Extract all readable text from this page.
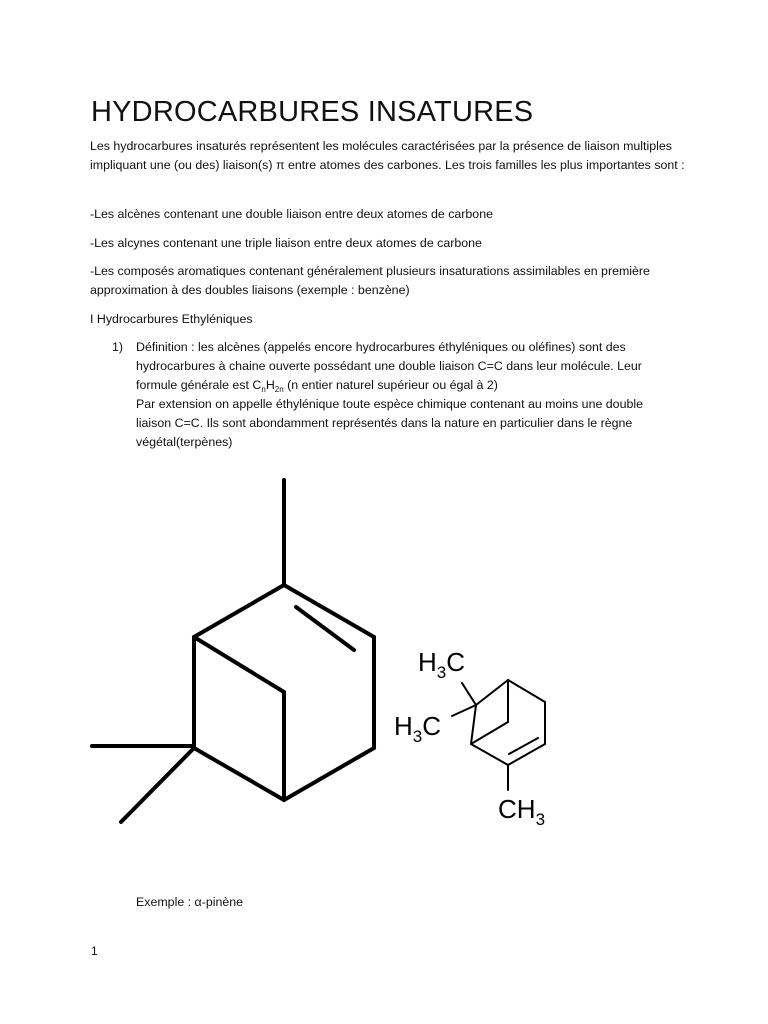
HYDROCARBURES INSATURES

Les hydrocarbures insaturés représentent les molécules caractérisées par la présence de liaison multiples impliquant une (ou des) liaison(s) π entre atomes des carbones. Les trois familles les plus importantes sont :

-Les alcènes contenant une double liaison entre deux atomes de carbone

-Les alcynes contenant une triple liaison entre deux atomes de carbone

-Les composés aromatiques contenant généralement plusieurs insaturations assimilables en première approximation à des doubles liaisons (exemple : benzène)

I Hydrocarbures Ethyléniques

1) Définition : les alcènes (appelés encore hydrocarbures éthyléniques ou oléfines) sont des hydrocarbures à chaine ouverte possédant une double liaison C=C dans leur molécule. Leur formule générale est $C_nH_{2n}$ (n entier naturel supérieur ou égal à 2)
Par extension on appelle éthylénique toute espèce chimique contenant au moins une double liaison C=C. Ils sont abondamment représentés dans la nature en particulier dans le règne végétal(terpènes)
$H_3C$
$H_3C$
$CH_3$
Exemple : α-pinène
1
